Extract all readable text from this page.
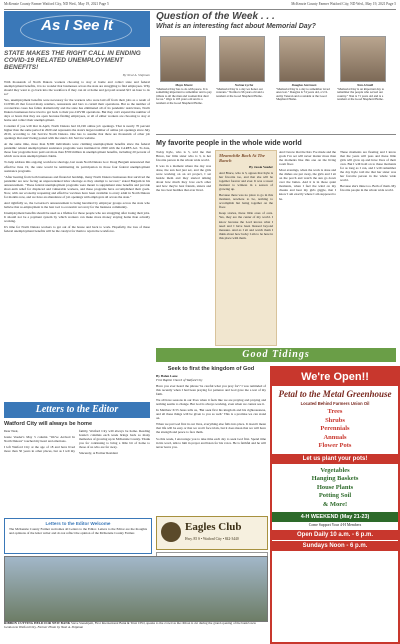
McKenzie County Farmer Watford City, ND Wed., May 19, 2021 Page 5	McKenzie County Farmer Watford City, ND Wed., May 19, 2021 Page 5
As I See It

STATE MAKES THE RIGHT CALL IN ENDING COVID-19 RELATED UNEMPLOYMENT BENEFITS!

By Neal A. Shipman

With thousands of North Dakota workers choosing to stay at home and collect state and federal unemployment benefits, it is no wonder that businesses across the state are struggling to find employees. Why should they want to go back into the workforce if they can sit at home and get paid around $15 an hour to do so?

Yes, unemployment benefits were necessary for the workers who were laid off from their jobs as a result of COVID-19 that forced many retailers, restaurants and bars to curtail their operations. But as the number of coronavirus cases has fallen dramatically and the state has eliminated all of its pandemic restrictions, North Dakota businesses have tried to get back to their pre-COVID operations. But they can't expand the number of days or hours that they are open because finding employees, or all of either workers are choosing to stay at home and collect their unemployment.

Consider if you will that in April, North Dakota had 16,196 online job openings. That is nearly 70 percent higher than the same period in 2020 and represents the state's largest number of online job openings since July 2019, according to Job Service North Dakota. One has to assume that there are thousands of other job openings that aren't being posted with the state's Job Service website.

At the same time, more than 8,300 individuals were claiming unemployment benefits since the federal pandemic related unemployment assistance programs were instituted in 2020 with the CARES Act. To date, those four programs have paid out more than $700 million in unemployment benefits, including 20 percent of which were state unemployment claims.

To help address this ongoing workforce shortage, last week North Dakota Gov. Doug Burgum announced that effective June 19, the state would be terminating its participation in those four federal unemployment assistance programs.

"After hearing from both businesses and financial hardship, many North Dakota businesses that survived the pandemic are now facing an unprecedented labor shortage as they attempt to recover," stated Burgum in his announcement. "These federal unemployment programs were meant to supplement state benefits and provide short-term relief for displaced and vulnerable workers, and these programs have accomplished their goals. Now, with our economy reopening and effective vaccines have been available to every adult in North Dakota for months now, and we have an abundance of job openings with employers all across the state."

And rightfully so, the Governor's announcement is being heralded by employer groups across the state who believe that re-employment is the best tool to economic recovery for the business community.

Unemployment benefits should be used as a lifeline for those people who are struggling after losing their jobs. It should not be a payment system by which workers can make more money staying home than actually working.

It's time for North Dakota workers to get out of the house and back to work. Hopefully, the loss of these federal unemployment benefits will be the catalyst for them to rejoin the workforce.

Question of the Week . . .
What is an interesting fact about Memorial Day?
Maya Moore
"Memorial Day has to do with peace. It is something important to remember and to pay tribute to all the men and women that died for us." Olga is 103 years old and is a resident at the Good Shepherd Home.
Norma Lyche
"Memorial Day is a day we honor our veterans." Norma is 96 years old and a resident at the Good Shepherd Home.
Douglas Sorensen
"Memorial Day is a day to remember loved ones lost." Douglas is 74 years old, a U.S. Army Veteran and a resident at the Good Shepherd Home.
Nan Arnold
"Memorial Day is an important day to remember the people who served our country." Nan is 71 years old and is a resident at the Good Shepherd Home.
My favorite people in the whole wide world

Today Kyle, who is 5, told me that Bruce, her little sister who is 3, is her favorite person in the whole wide world.

It was in a moment where the day was done, the sun had just set, and the girls were working on an art project, I sat beside them and they started talking about how much they love each other and how they're best friends, sisters and the two best buddies that ever lived.

Meanwhile Back At The Ranch
By Jessie Veeder

And Bruce, who is 3, agrees that Kyle is her favorite too, and that she will be together forever and ever. It was a sweet moment to witness in a season of growing up.

Because there was no place to go in this moment, nowhere to be, nothing to accomplish but being together on the floor.

Keep stories, these little ones of ours. Yes, they are the center of my world. I know because the Lord knows what I need and I have been blessed beyond measure. And as I sit and watch them I think about how lucky I am to be here in this place with them.

And I know that the lists I've made and the goals I've set will never matter more than the moments like this one on the living room floor.

Most evenings, when the work is done and the dishes are put away, the girls and I sit on the porch and watch the sun go down over the buttes. And it is in those quiet moments, when I feel the wind on my cheeks and hear my girls giggle, that I know I am exactly where I am supposed to be.

These moments are fleeting and I know that the years will pass and these little girls will grow up and have lives of their own. But I will hold on to these moments for as long as I can, and I will remember the day Kyle told me that her sister was her favorite person in the whole wide world.

Because she's mine too. Both of them. My favorite people in the whole wide world.

Good Tidings
Seek to first the kingdom of God
By Helen Lane
First Baptist Church of Watford City

Have you ever heard the phrase 'be careful what you pray for'? I was reminded of this recently when I had been praying for patience and God gave me a test of my faith.

We all have seasons in our lives when it feels like we are praying and praying and nothing seems to change. But God is always working, even when we cannot see it.

In Matthew 6:33 Jesus tells us, 'But seek first his kingdom and his righteousness, and all these things will be given to you as well.' This is a promise we can stand on.

When we put God first in our lives, everything else falls into place. It doesn't mean that life will be easy or that we won't face trials, but it does mean that we will have the strength and peace to face them.

So this week, I encourage you to take time each day to seek God first. Spend time in his word, talk to him in prayer and listen for his voice. He is faithful and he will never leave you.

Letters to the Editor
Watford City will always be home

Dear Neal,

Jessie Veeder's May 5 column "We've Arrived In North Dakota" touched my heart and emotions.

I left Watford City at the age of 18 and have lived more than 50 years in other places, but as I tell my family, Watford City will always be home. Reading Jessie's columns each week brings back so many memories of growing up in McKenzie County. Thank you for continuing to bring a little bit of home to those of us who are far away.

Sincerely, A Former Resident

Letters to the Editor Welcome

The McKenzie County Farmer welcomes all Letters to the Editor. Letters to the Editor are the thoughts and opinions of the letter writer and do not reflect the opinion of the McKenzie County Farmer.

Eagles Club
Hwy. 85 S • Watford City • 842-3440
RIBBON CUTTING HELD FOR NEW BANK Steve Stenehjem, First International Bank & Trust CEO, speaks to the crowd as the ribbon is cut during the grand opening of the bank's new location in Watford City. Farmer Photo by Neal A. Shipman
We're Open!!
Petal to the Metal Greenhouse
Located Behind Farmers Union Oil
Trees
Shrubs
Perennials
Annuals
Flower Pots
Let us plant your pots!
Vegetables
Hanging Baskets
House Plants
Potting Soil
& More!
4-H WEEKEND (May 21-23)
Come Support Your 4-H Members
Open Daily 10 a.m. - 6 p.m.
Sundays Noon - 6 p.m.
